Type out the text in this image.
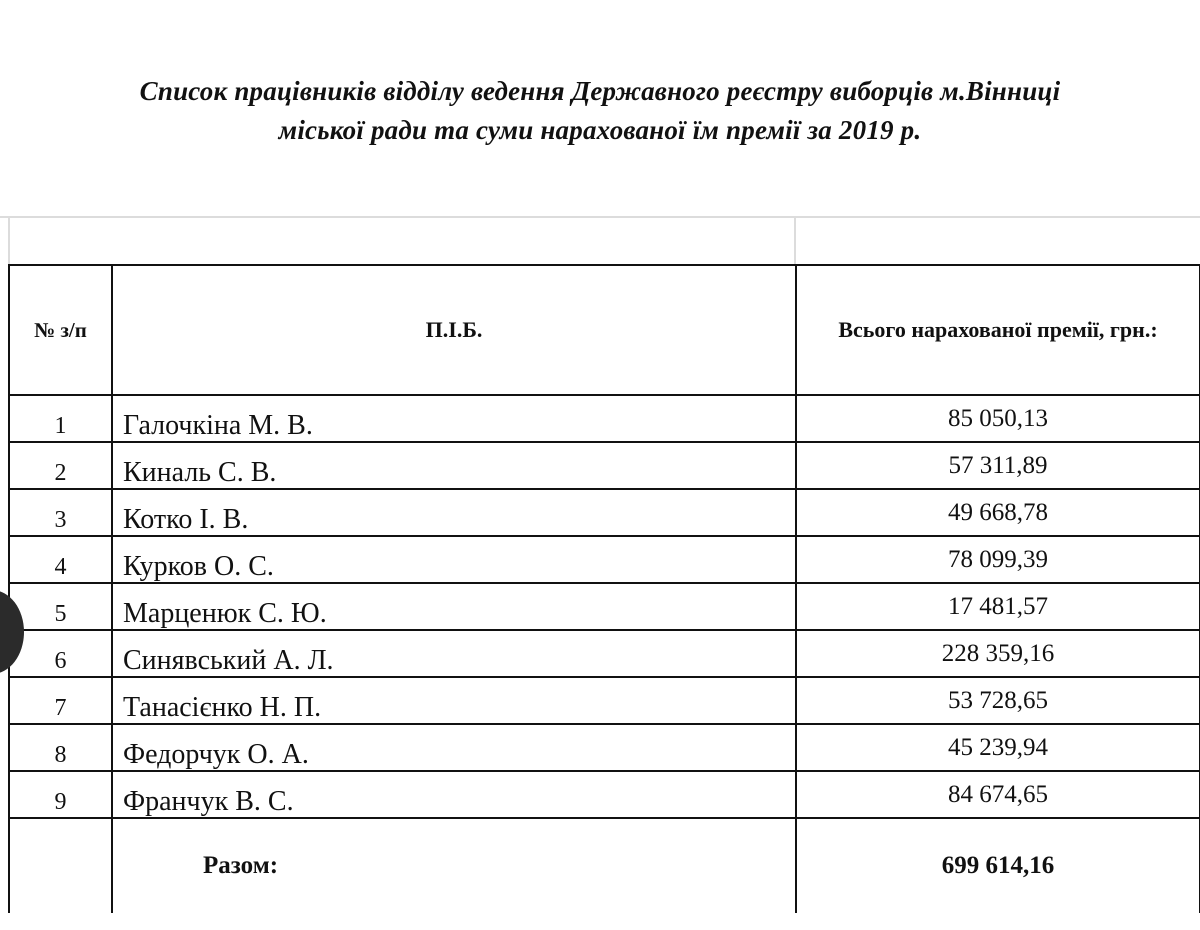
Список працівників відділу ведення Державного реєстру виборців м.Вінниці
міської ради та суми нарахованої їм премії за 2019 р.
№ з/п	П.І.Б.	Всього нарахованої премії, грн.:
1	Галочкіна М. В.	85 050,13
2	Киналь С. В.	57 311,89
3	Котко І. В.	49 668,78
4	Курков О. С.	78 099,39
5	Марценюк С. Ю.	17 481,57
6	Синявський А. Л.	228 359,16
7	Танасієнко Н. П.	53 728,65
8	Федорчук О. А.	45 239,94
9	Франчук В. С.	84 674,65
	Разом:	699 614,16
